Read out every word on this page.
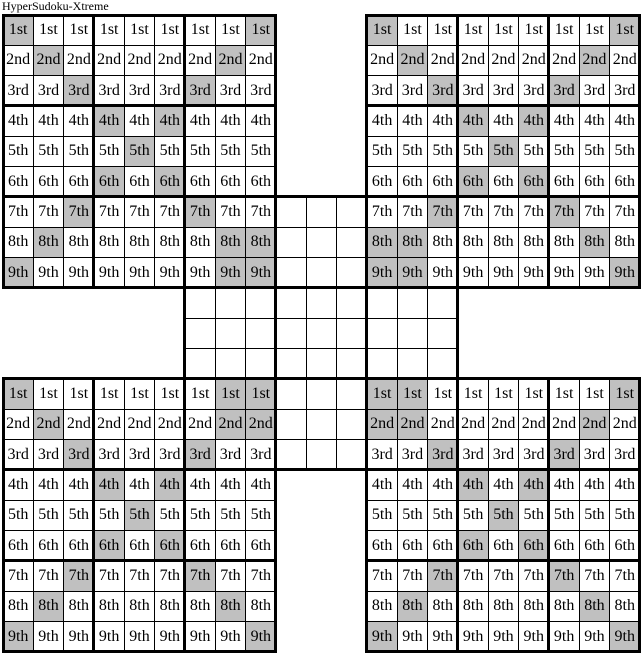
HyperSudoku-Xtreme
1st 1st 1st 1st 1st 1st 1st 1st 1st
2nd 2nd 2nd 2nd 2nd 2nd 2nd 2nd 2nd
3rd 3rd 3rd 3rd 3rd 3rd 3rd 3rd 3rd
4th 4th 4th 4th 4th 4th 4th 4th 4th
5th 5th 5th 5th 5th 5th 5th 5th 5th
6th 6th 6th 6th 6th 6th 6th 6th 6th
7th 7th 7th 7th 7th 7th 7th 7th 7th
8th 8th 8th 8th 8th 8th 8th 8th 8th
9th 9th 9th 9th 9th 9th 9th 9th 9th
1st 1st 1st 1st 1st 1st 1st 1st 1st
2nd 2nd 2nd 2nd 2nd 2nd 2nd 2nd 2nd
3rd 3rd 3rd 3rd 3rd 3rd 3rd 3rd 3rd
4th 4th 4th 4th 4th 4th 4th 4th 4th
5th 5th 5th 5th 5th 5th 5th 5th 5th
6th 6th 6th 6th 6th 6th 6th 6th 6th
7th 7th 7th 7th 7th 7th 7th 7th 7th
8th 8th 8th 8th 8th 8th 8th 8th 8th
9th 9th 9th 9th 9th 9th 9th 9th 9th
1st 1st 1st 1st 1st 1st 1st 1st 1st
2nd 2nd 2nd 2nd 2nd 2nd 2nd 2nd 2nd
3rd 3rd 3rd 3rd 3rd 3rd 3rd 3rd 3rd
4th 4th 4th 4th 4th 4th 4th 4th 4th
5th 5th 5th 5th 5th 5th 5th 5th 5th
6th 6th 6th 6th 6th 6th 6th 6th 6th
7th 7th 7th 7th 7th 7th 7th 7th 7th
8th 8th 8th 8th 8th 8th 8th 8th 8th
9th 9th 9th 9th 9th 9th 9th 9th 9th
1st 1st 1st 1st 1st 1st 1st 1st 1st
2nd 2nd 2nd 2nd 2nd 2nd 2nd 2nd 2nd
3rd 3rd 3rd 3rd 3rd 3rd 3rd 3rd 3rd
4th 4th 4th 4th 4th 4th 4th 4th 4th
5th 5th 5th 5th 5th 5th 5th 5th 5th
6th 6th 6th 6th 6th 6th 6th 6th 6th
7th 7th 7th 7th 7th 7th 7th 7th 7th
8th 8th 8th 8th 8th 8th 8th 8th 8th
9th 9th 9th 9th 9th 9th 9th 9th 9th
